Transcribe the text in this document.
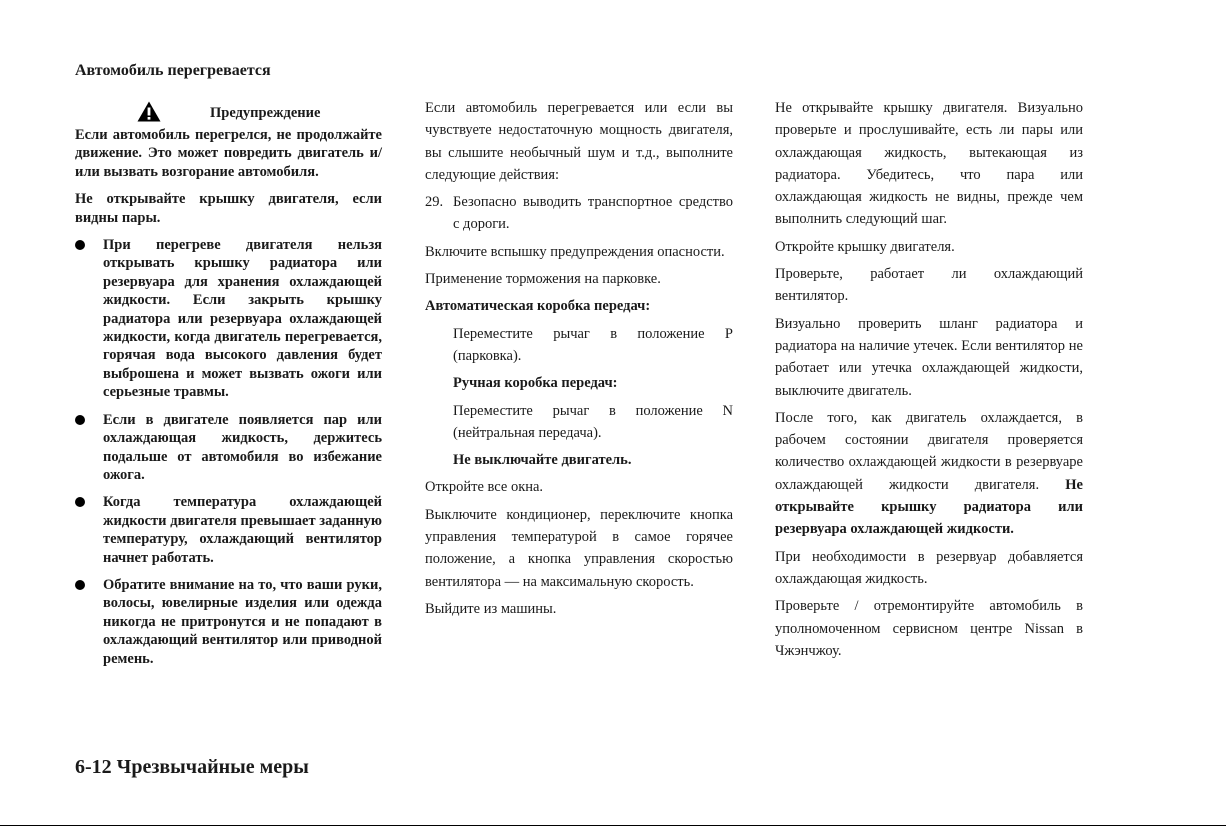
Автомобиль перегревается
Предупреждение

Если автомобиль перегрелся, не продолжайте движение. Это может повредить двигатель и/или вызвать возгорание автомобиля.

Не открывайте крышку двигателя, если видны пары.

При перегреве двигателя нельзя открывать крышку радиатора или резервуара для хранения охлаждающей жидкости. Если закрыть крышку радиатора или резервуара охлаждающей жидкости, когда двигатель перегревается, горячая вода высокого давления будет выброшена и может вызвать ожоги или серьезные травмы.
Если в двигателе появляется пар или охлаждающая жидкость, держитесь подальше от автомобиля во избежание ожога.
Когда температура охлаждающей жидкости двигателя превышает заданную температуру, охлаждающий вентилятор начнет работать.
Обратите внимание на то, что ваши руки, волосы, ювелирные изделия или одежда никогда не притронутся и не попадают в охлаждающий вентилятор или приводной ремень.

Если автомобиль перегревается или если вы чувствуете недостаточную мощность двигателя, вы слышите необычный шум и т.д., выполните следующие действия:

29. Безопасно выводить транспортное средство с дороги.

Включите вспышку предупреждения опасности.

Применение торможения на парковке.

Автоматическая коробка передач:

Переместите рычаг в положение P (парковка).

Ручная коробка передач:

Переместите рычаг в положение N (нейтральная передача).

Не выключайте двигатель.

Откройте все окна.

Выключите кондиционер, переключите кнопка управления температурой в самое горячее положение, а кнопка управления скоростью вентилятора — на максимальную скорость.

Выйдите из машины.

Не открывайте крышку двигателя. Визуально проверьте и прослушивайте, есть ли пары или охлаждающая жидкость, вытекающая из радиатора. Убедитесь, что пара или охлаждающая жидкость не видны, прежде чем выполнить следующий шаг.

Откройте крышку двигателя.

Проверьте, работает ли охлаждающий вентилятор.

Визуально проверить шланг радиатора и радиатора на наличие утечек. Если вентилятор не работает или утечка охлаждающей жидкости, выключите двигатель.

После того, как двигатель охлаждается, в рабочем состоянии двигателя проверяется количество охлаждающей жидкости в резервуаре охлаждающей жидкости двигателя. Не открывайте крышку радиатора или резервуара охлаждающей жидкости.

При необходимости в резервуар добавляется охлаждающая жидкость.

Проверьте / отремонтируйте автомобиль в уполномоченном сервисном центре Nissan в Чжэнчжоу.

6-12 Чрезвычайные меры
